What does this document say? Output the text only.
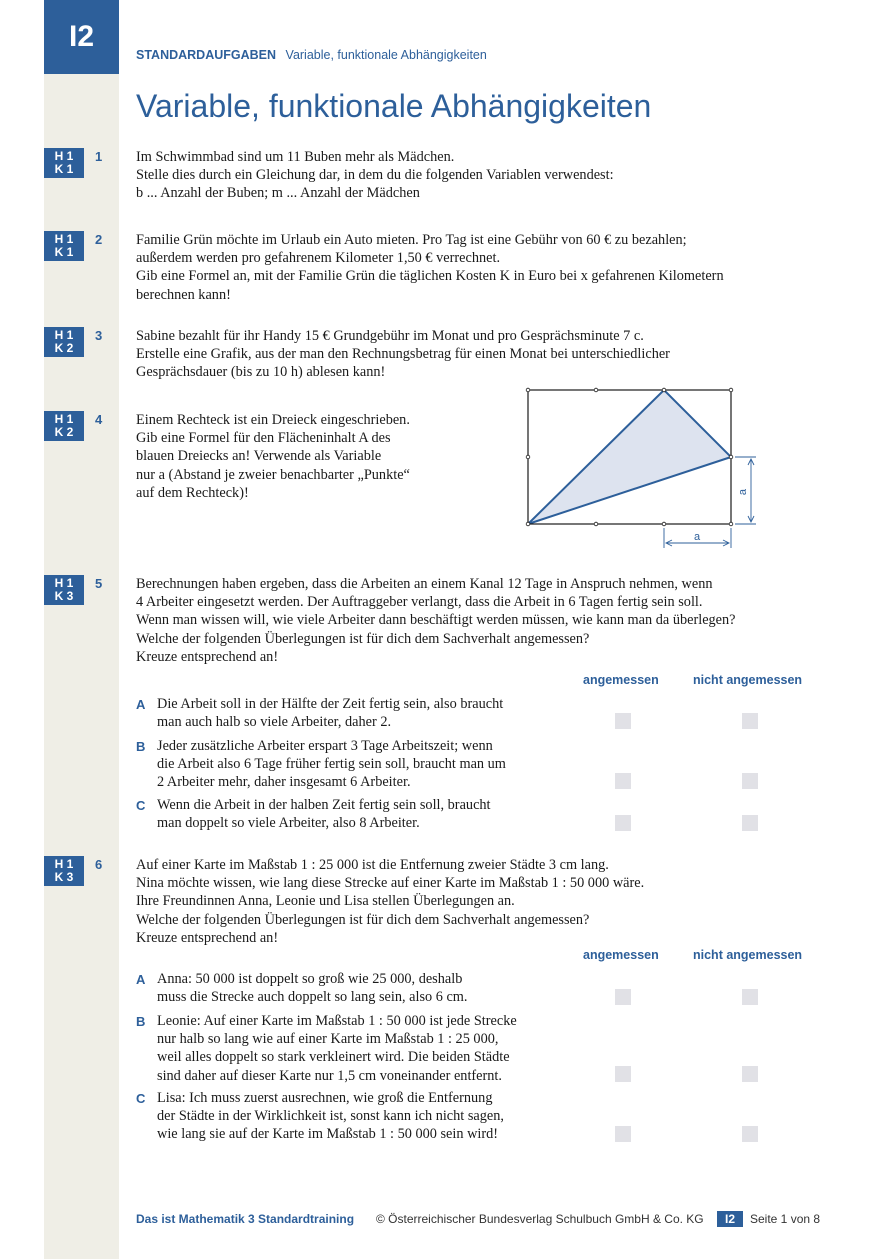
I2
STANDARDAUFGABEN Variable, funktionale Abhängigkeiten
Variable, funktionale Abhängigkeiten
H 1
K 1
1 Im Schwimmbad sind um 11 Buben mehr als Mädchen.
Stelle dies durch ein Gleichung dar, in dem du die folgenden Variablen verwendest:
b ... Anzahl der Buben; m ... Anzahl der Mädchen
H 1
K 1
2 Familie Grün möchte im Urlaub ein Auto mieten. Pro Tag ist eine Gebühr von 60 € zu bezahlen;
außerdem werden pro gefahrenem Kilometer 1,50 € verrechnet.
Gib eine Formel an, mit der Familie Grün die täglichen Kosten K in Euro bei x gefahrenen Kilometern
berechnen kann!
H 1
K 2
3 Sabine bezahlt für ihr Handy 15 € Grundgebühr im Monat und pro Gesprächsminute 7 c.
Erstelle eine Grafik, aus der man den Rechnungsbetrag für einen Monat bei unterschiedlicher
Gesprächsdauer (bis zu 10 h) ablesen kann!
H 1
K 2
4 Einem Rechteck ist ein Dreieck eingeschrieben.
Gib eine Formel für den Flächeninhalt A des
blauen Dreiecks an! Verwende als Variable
nur a (Abstand je zweier benachbarter „Punkte“
auf dem Rechteck)!	a
a
H 1
K 3
5 Berechnungen haben ergeben, dass die Arbeiten an einem Kanal 12 Tage in Anspruch nehmen, wenn
4 Arbeiter eingesetzt werden. Der Auftraggeber verlangt, dass die Arbeit in 6 Tagen fertig sein soll.
Wenn man wissen will, wie viele Arbeiter dann beschäftigt werden müssen, wie kann man da überlegen?
Welche der folgenden Überlegungen ist für dich dem Sachverhalt angemessen?
Kreuze entsprechend an!
angemessen	nicht angemessen
A Die Arbeit soll in der Hälfte der Zeit fertig sein, also braucht
man auch halb so viele Arbeiter, daher 2.
B Jeder zusätzliche Arbeiter erspart 3 Tage Arbeitszeit; wenn
die Arbeit also 6 Tage früher fertig sein soll, braucht man um
2 Arbeiter mehr, daher insgesamt 6 Arbeiter.
C Wenn die Arbeit in der halben Zeit fertig sein soll, braucht
man doppelt so viele Arbeiter, also 8 Arbeiter.
H 1
K 3
6 Auf einer Karte im Maßstab 1 : 25 000 ist die Entfernung zweier Städte 3 cm lang.
Nina möchte wissen, wie lang diese Strecke auf einer Karte im Maßstab 1 : 50 000 wäre.
Ihre Freundinnen Anna, Leonie und Lisa stellen Überlegungen an.
Welche der folgenden Überlegungen ist für dich dem Sachverhalt angemessen?
Kreuze entsprechend an!
angemessen	nicht angemessen
A Anna: 50 000 ist doppelt so groß wie 25 000, deshalb
muss die Strecke auch doppelt so lang sein, also 6 cm.
B Leonie: Auf einer Karte im Maßstab 1 : 50 000 ist jede Strecke
nur halb so lang wie auf einer Karte im Maßstab 1 : 25 000,
weil alles doppelt so stark verkleinert wird. Die beiden Städte
sind daher auf dieser Karte nur 1,5 cm voneinander entfernt.
C Lisa: Ich muss zuerst ausrechnen, wie groß die Entfernung
der Städte in der Wirklichkeit ist, sonst kann ich nicht sagen,
wie lang sie auf der Karte im Maßstab 1 : 50 000 sein wird!
Das ist Mathematik 3 Standardtraining © Österreichischer Bundesverlag Schulbuch GmbH & Co. KG	I2	Seite 1 von 8
